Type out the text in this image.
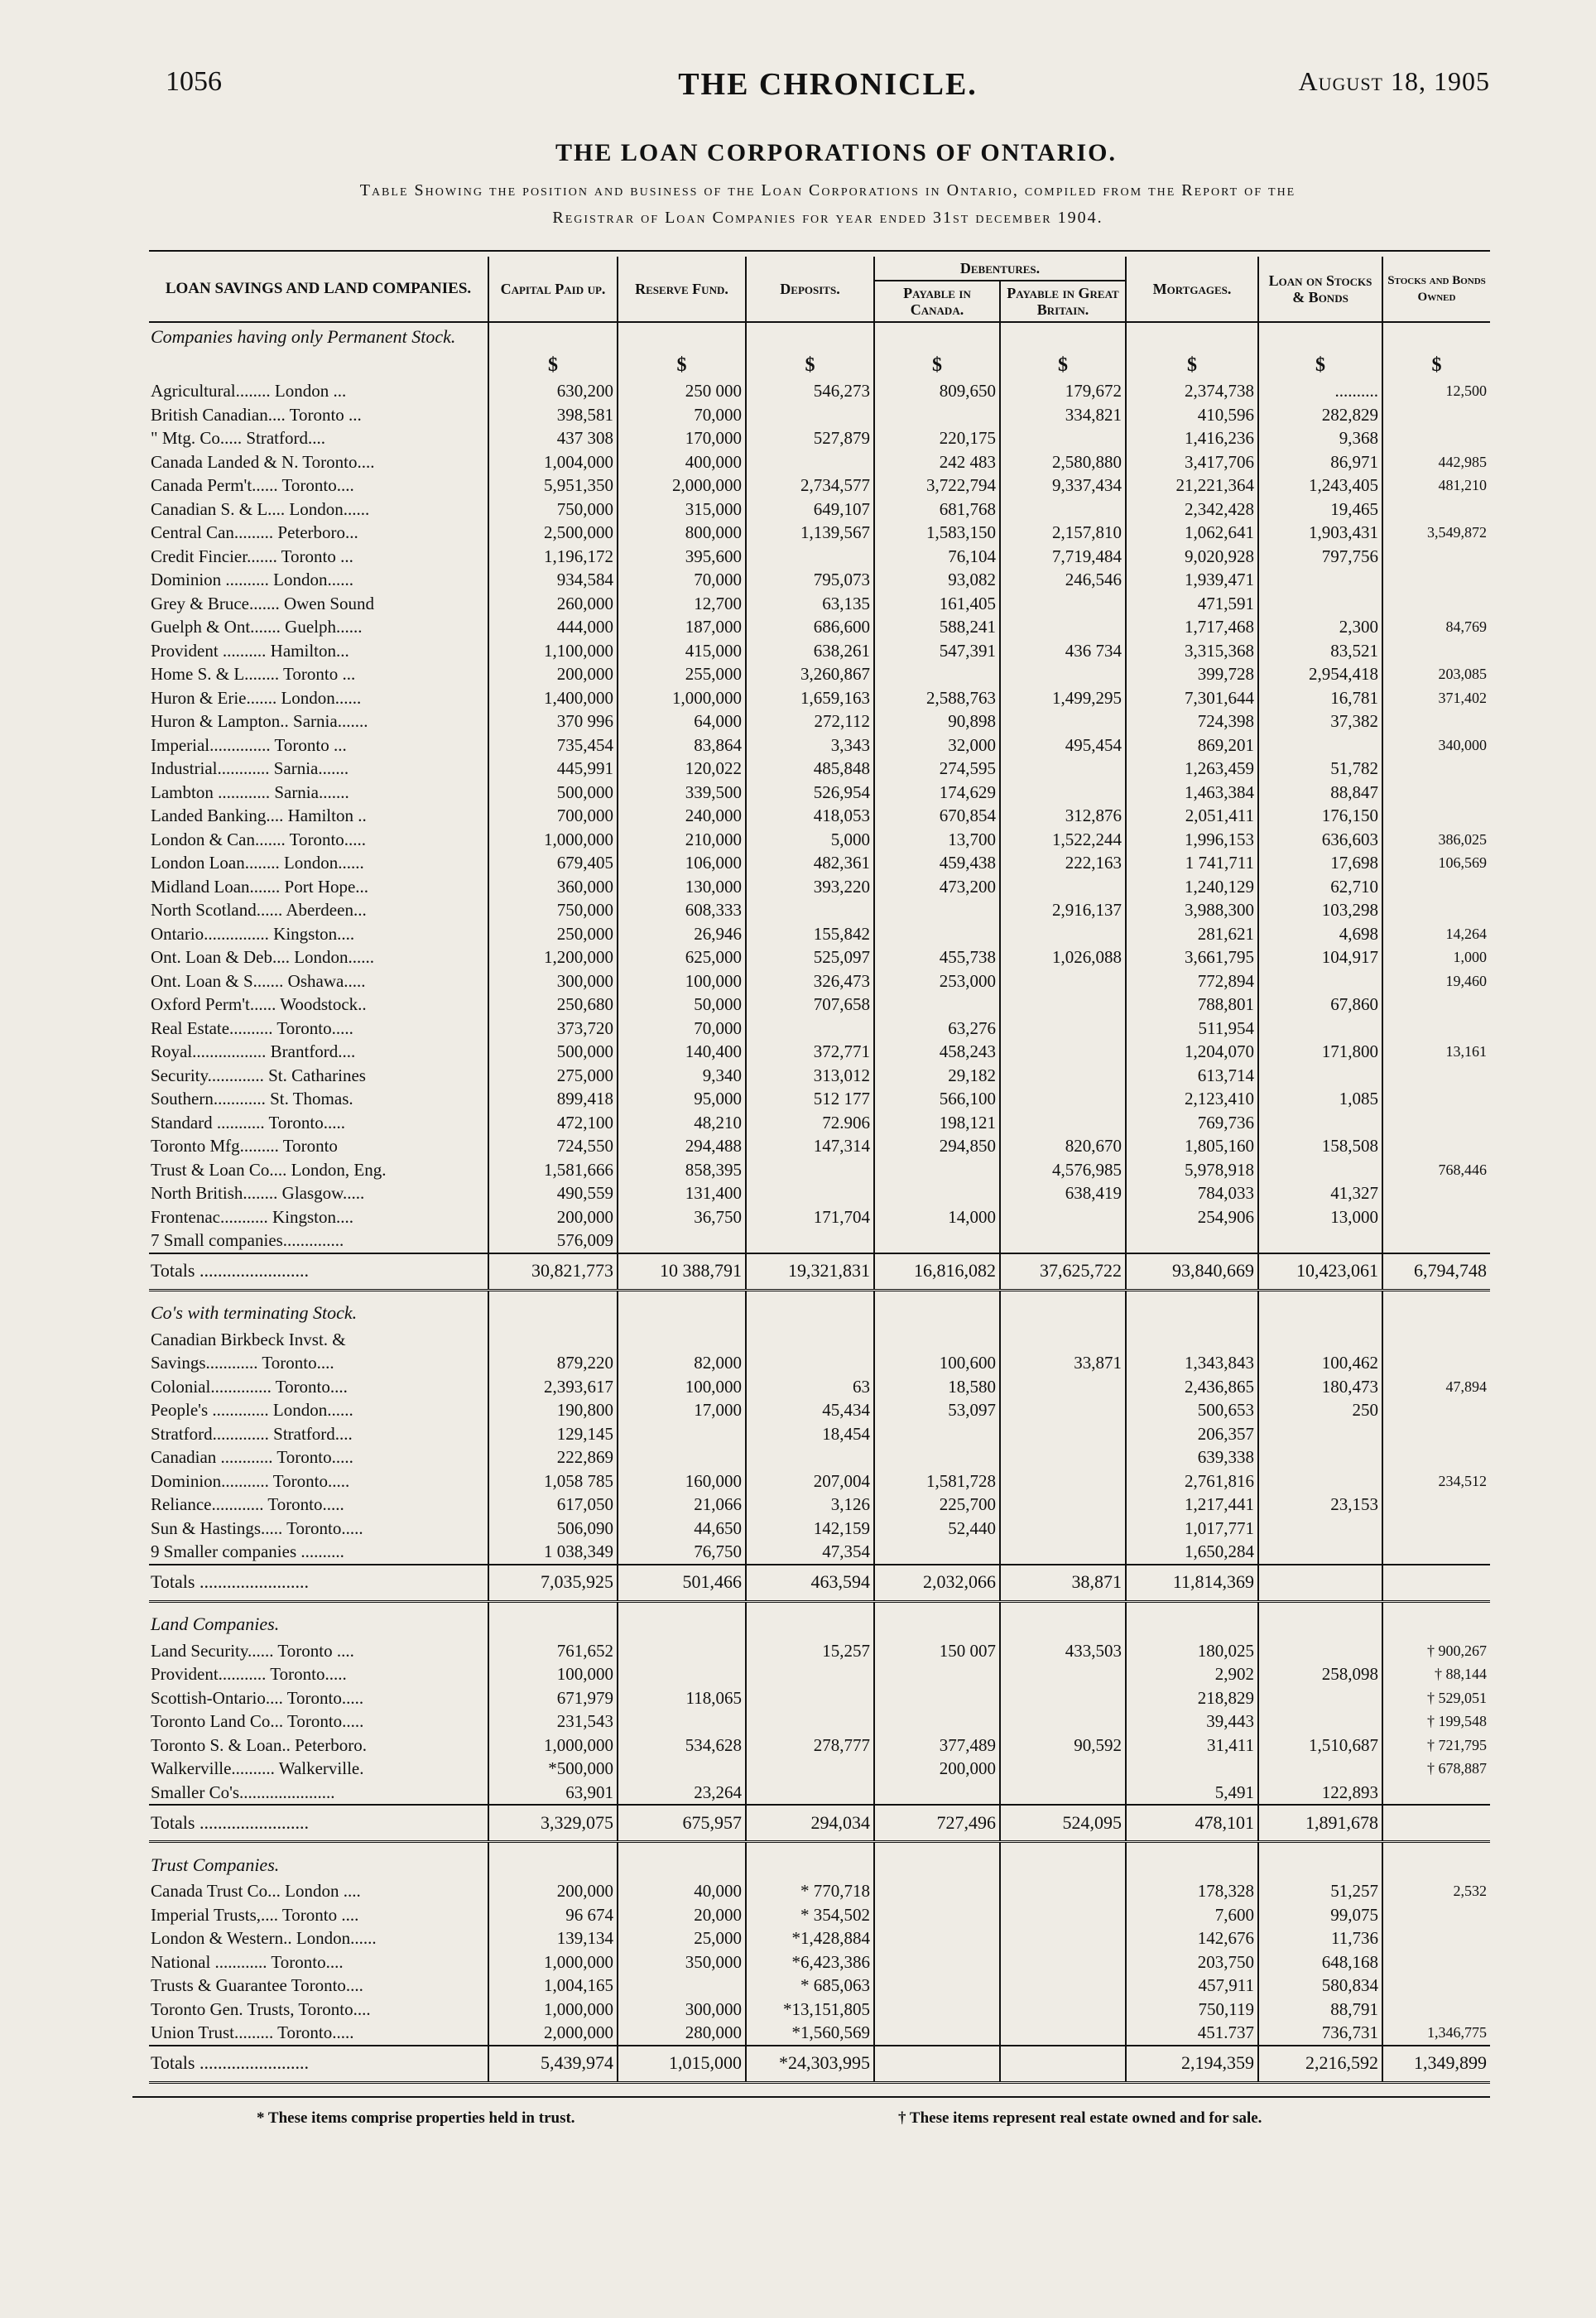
1056	THE CHRONICLE.	August 18, 1905
THE LOAN CORPORATIONS OF ONTARIO.
Table Showing the position and business of the Loan Corporations in Ontario, compiled from the Report of the
Registrar of Loan Companies for year ended 31st december 1904.
LOAN SAVINGS AND LAND COMPANIES.	Capital Paid up.	Reserve Fund.	Deposits.	Debentures.		Mortgages.	Loan on Stocks & Bonds	Stocks and Bonds Owned
				Payable in Canada.	Payable in Great Britain.			
Companies having only Permanent Stock.								
	$	$	$	$	$	$	$	$
Agricultural........ London ...	630,200	250 000	546,273	809,650	179,672	2,374,738	..........	12,500
British Canadian.... Toronto ...	398,581	70,000			334,821	410,596	282,829	
" Mtg. Co..... Stratford....	437 308	170,000	527,879	220,175		1,416,236	9,368	
Canada Landed & N. Toronto....	1,004,000	400,000		242 483	2,580,880	3,417,706	86,971	442,985
Canada Perm't...... Toronto....	5,951,350	2,000,000	2,734,577	3,722,794	9,337,434	21,221,364	1,243,405	481,210
Canadian S. & L.... London......	750,000	315,000	649,107	681,768		2,342,428	19,465	
Central Can......... Peterboro...	2,500,000	800,000	1,139,567	1,583,150	2,157,810	1,062,641	1,903,431	3,549,872
Credit Fincier....... Toronto ...	1,196,172	395,600		76,104	7,719,484	9,020,928	797,756	
Dominion .......... London......	934,584	70,000	795,073	93,082	246,546	1,939,471		
Grey & Bruce....... Owen Sound	260,000	12,700	63,135	161,405		471,591		
Guelph & Ont....... Guelph......	444,000	187,000	686,600	588,241		1,717,468	2,300	84,769
Provident .......... Hamilton...	1,100,000	415,000	638,261	547,391	436 734	3,315,368	83,521	
Home S. & L........ Toronto ...	200,000	255,000	3,260,867			399,728	2,954,418	203,085
Huron & Erie....... London......	1,400,000	1,000,000	1,659,163	2,588,763	1,499,295	7,301,644	16,781	371,402
Huron & Lampton.. Sarnia.......	370 996	64,000	272,112	90,898		724,398	37,382	
Imperial.............. Toronto ...	735,454	83,864	3,343	32,000	495,454	869,201		340,000
Industrial............ Sarnia.......	445,991	120,022	485,848	274,595		1,263,459	51,782	
Lambton ............ Sarnia.......	500,000	339,500	526,954	174,629		1,463,384	88,847	
Landed Banking.... Hamilton ..	700,000	240,000	418,053	670,854	312,876	2,051,411	176,150	
London & Can....... Toronto.....	1,000,000	210,000	5,000	13,700	1,522,244	1,996,153	636,603	386,025
London Loan........ London......	679,405	106,000	482,361	459,438	222,163	1 741,711	17,698	106,569
Midland Loan....... Port Hope...	360,000	130,000	393,220	473,200		1,240,129	62,710	
North Scotland...... Aberdeen...	750,000	608,333			2,916,137	3,988,300	103,298	
Ontario............... Kingston....	250,000	26,946	155,842			281,621	4,698	14,264
Ont. Loan & Deb.... London......	1,200,000	625,000	525,097	455,738	1,026,088	3,661,795	104,917	1,000
Ont. Loan & S....... Oshawa.....	300,000	100,000	326,473	253,000		772,894		19,460
Oxford Perm't...... Woodstock..	250,680	50,000	707,658			788,801	67,860	
Real Estate.......... Toronto.....	373,720	70,000		63,276		511,954		
Royal................. Brantford....	500,000	140,400	372,771	458,243		1,204,070	171,800	13,161
Security............. St. Catharines	275,000	9,340	313,012	29,182		613,714		
Southern............ St. Thomas.	899,418	95,000	512 177	566,100		2,123,410	1,085	
Standard ........... Toronto.....	472,100	48,210	72.906	198,121		769,736		
Toronto Mfg......... Toronto	724,550	294,488	147,314	294,850	820,670	1,805,160	158,508	
Trust & Loan Co.... London, Eng.	1,581,666	858,395			4,576,985	5,978,918		768,446
North British........ Glasgow.....	490,559	131,400			638,419	784,033	41,327	
Frontenac........... Kingston....	200,000	36,750	171,704	14,000		254,906	13,000	
7 Small companies..............	576,009							
Totals ........................	30,821,773	10 388,791	19,321,831	16,816,082	37,625,722	93,840,669	10,423,061	6,794,748

Co's with terminating Stock.								
Canadian Birkbeck Invst. &								
Savings............ Toronto....	879,220	82,000		100,600	33,871	1,343,843	100,462	
Colonial.............. Toronto....	2,393,617	100,000	63	18,580		2,436,865	180,473	47,894
People's ............. London......	190,800	17,000	45,434	53,097		500,653	250	
Stratford............. Stratford....	129,145		18,454			206,357		
Canadian ............ Toronto.....	222,869					639,338		
Dominion........... Toronto.....	1,058 785	160,000	207,004	1,581,728		2,761,816		234,512
Reliance............ Toronto.....	617,050	21,066	3,126	225,700		1,217,441	23,153	
Sun & Hastings..... Toronto.....	506,090	44,650	142,159	52,440		1,017,771		
9 Smaller companies ..........	1 038,349	76,750	47,354			1,650,284		
Totals ........................	7,035,925	501,466	463,594	2,032,066	38,871	11,814,369		

Land Companies.								
Land Security...... Toronto ....	761,652		15,257	150 007	433,503	180,025		† 900,267
Provident........... Toronto.....	100,000					2,902	258,098	† 88,144
Scottish-Ontario.... Toronto.....	671,979	118,065				218,829		† 529,051
Toronto Land Co... Toronto.....	231,543					39,443		† 199,548
Toronto S. & Loan.. Peterboro.	1,000,000	534,628	278,777	377,489	90,592	31,411	1,510,687	† 721,795
Walkerville.......... Walkerville.	*500,000			200,000				† 678,887
Smaller Co's......................	63,901	23,264				5,491	122,893	
Totals ........................	3,329,075	675,957	294,034	727,496	524,095	478,101	1,891,678	

Trust Companies.								
Canada Trust Co... London ....	200,000	40,000	* 770,718			178,328	51,257	2,532
Imperial Trusts,.... Toronto ....	96 674	20,000	* 354,502			7,600	99,075	
London & Western.. London......	139,134	25,000	*1,428,884			142,676	11,736	
National ............ Toronto....	1,000,000	350,000	*6,423,386			203,750	648,168	
Trusts & Guarantee Toronto....	1,004,165		* 685,063			457,911	580,834	
Toronto Gen. Trusts, Toronto....	1,000,000	300,000	*13,151,805			750,119	88,791	
Union Trust......... Toronto.....	2,000,000	280,000	*1,560,569			451.737	736,731	1,346,775
Totals ........................	5,439,974	1,015,000	*24,303,995			2,194,359	2,216,592	1,349,899
* These items comprise properties held in trust.	† These items represent real estate owned and for sale.
